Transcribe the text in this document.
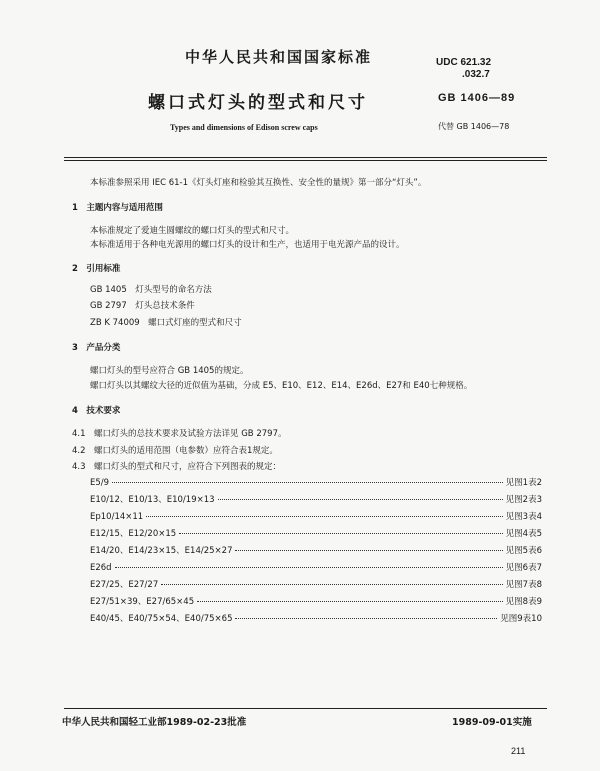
中华人民共和国国家标准	UDC 621.32
.032.7
螺口式灯头的型式和尺寸	GB 1406—89
Types and dimensions of Edison screw caps	代替 GB 1406—78
本标准参照采用 IEC 61-1《灯头灯座和检验其互换性、安全性的量规》第一部分“灯头”。
1　主题内容与适用范围
本标准规定了爱迪生圆螺纹的螺口灯头的型式和尺寸。
本标准适用于各种电光源用的螺口灯头的设计和生产，也适用于电光源产品的设计。
2　引用标准
GB 1405　灯头型号的命名方法
GB 2797　灯头总技术条件
ZB K 74009　螺口式灯座的型式和尺寸
3　产品分类
螺口灯头的型号应符合 GB 1405的规定。
螺口灯头以其螺纹大径的近似值为基础，分成 E5、E10、E12、E14、E26d、E27和 E40七种规格。
4　技术要求
4.1　螺口灯头的总技术要求及试验方法详见 GB 2797。
4.2　螺口灯头的适用范围（电参数）应符合表1规定。
4.3　螺口灯头的型式和尺寸，应符合下列图表的规定：
E5/9	见图1表2
E10/12、E10/13、E10/19×13	见图2表3
Ep10/14×11	见图3表4
E12/15、E12/20×15	见图4表5
E14/20、E14/23×15、E14/25×27	见图5表6
E26d	见图6表7
E27/25、E27/27	见图7表8
E27/51×39、E27/65×45	见图8表9
E40/45、E40/75×54、E40/75×65	见图9表10
中华人民共和国轻工业部1989-02-23批准	1989-09-01实施
211
